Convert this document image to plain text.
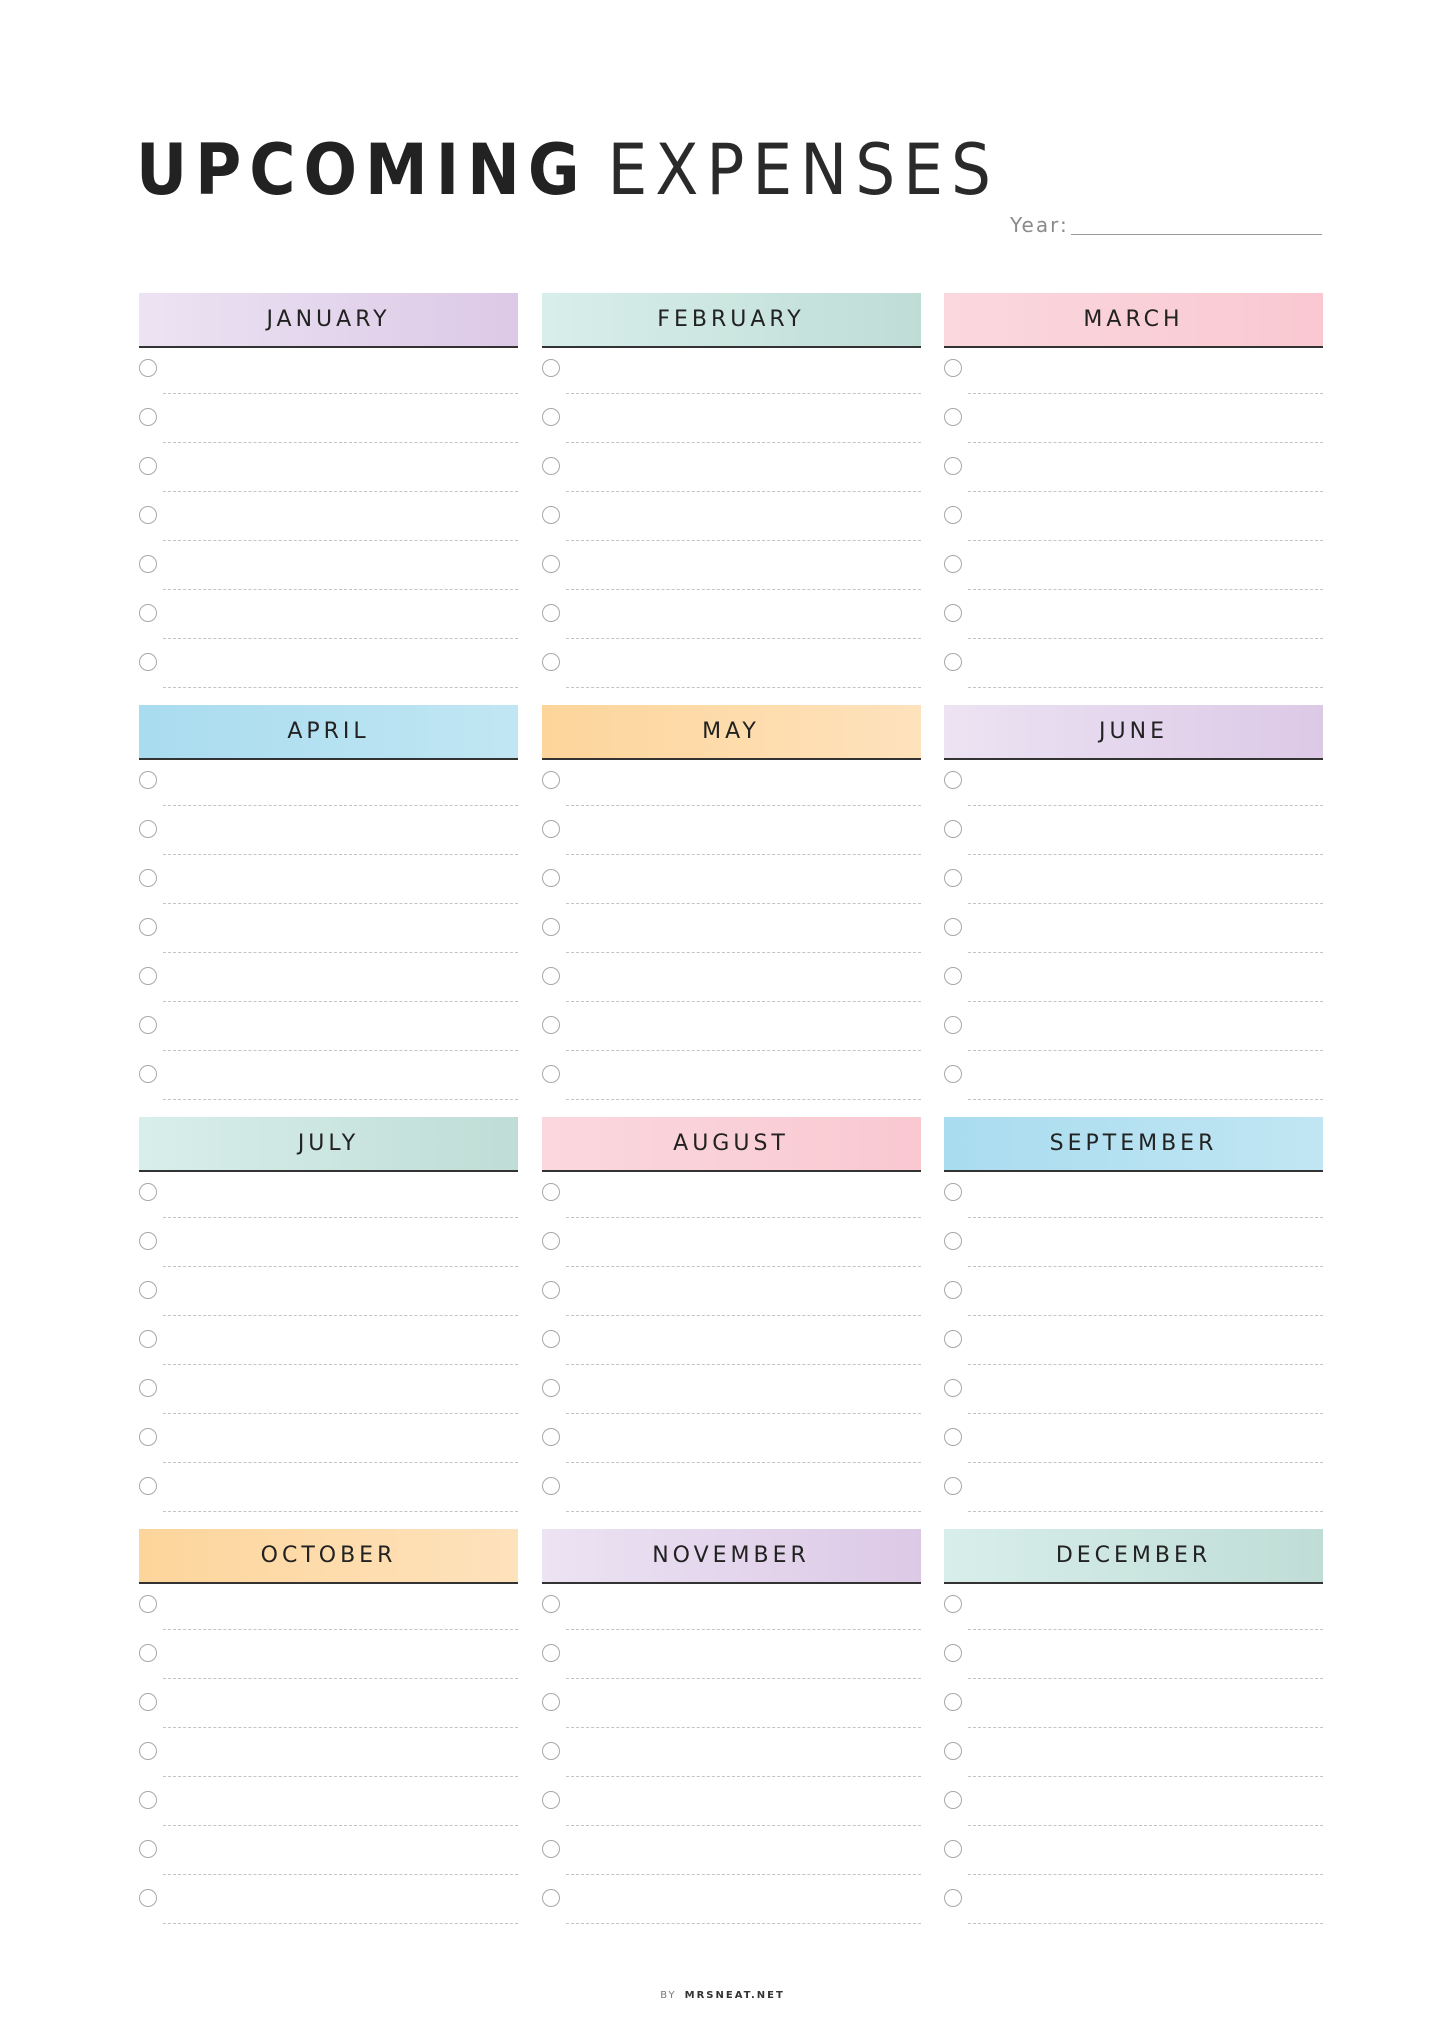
UPCOMING EXPENSES
Year:
JANUARY	FEBRUARY	MARCH
APRIL	MAY	JUNE
JULY	AUGUST	SEPTEMBER
OCTOBER	NOVEMBER	DECEMBER
BY MRSNEAT.NET
